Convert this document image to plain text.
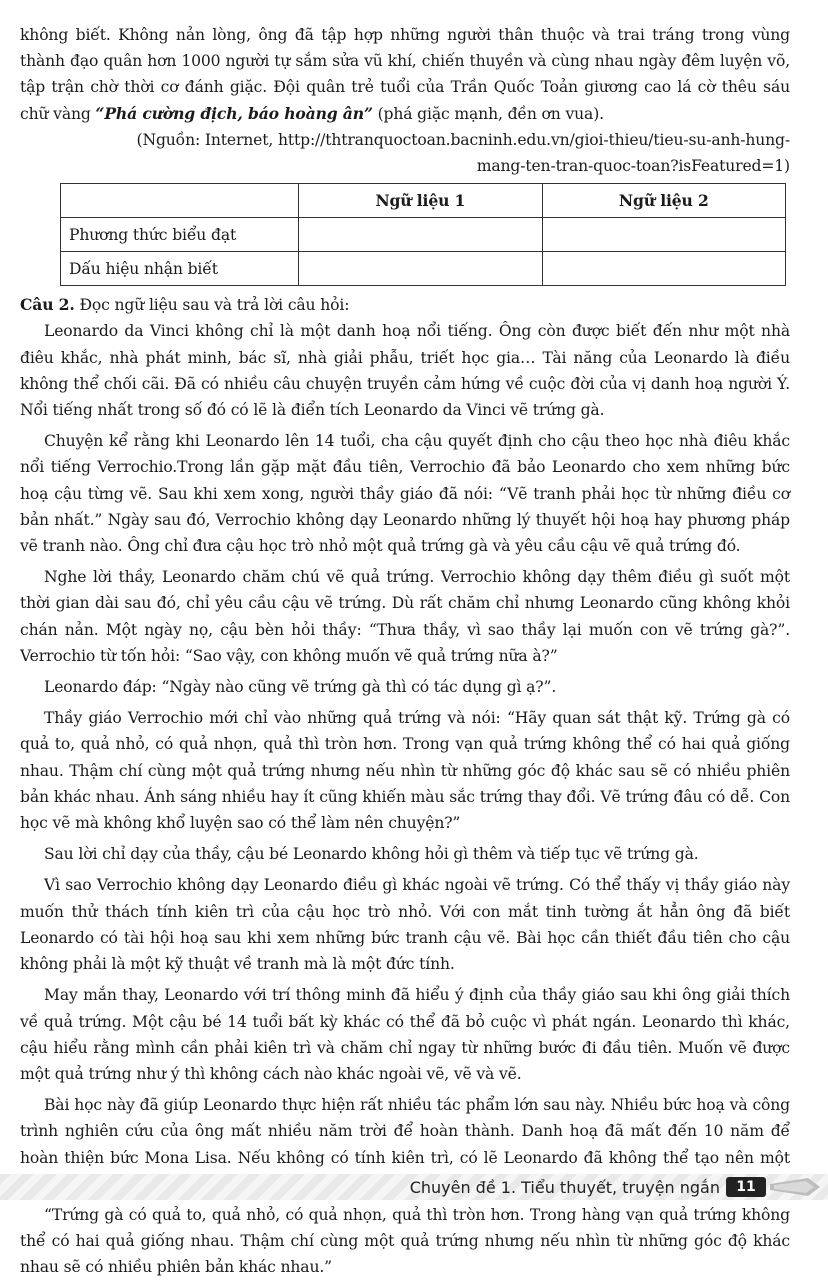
không biết. Không nản lòng, ông đã tập hợp những người thân thuộc và trai tráng trong vùng thành đạo quân hơn 1000 người tự sắm sửa vũ khí, chiến thuyền và cùng nhau ngày đêm luyện võ, tập trận chờ thời cơ đánh giặc. Đội quân trẻ tuổi của Trần Quốc Toản giương cao lá cờ thêu sáu chữ vàng “Phá cường địch, báo hoàng ân” (phá giặc mạnh, đền ơn vua).

(Nguồn: Internet, http://thtranquoctoan.bacninh.edu.vn/gioi-thieu/tieu-su-anh-hung-mang-ten-tran-quoc-toan?isFeatured=1)

	Ngữ liệu 1	Ngữ liệu 2
Phương thức biểu đạt		
Dấu hiệu nhận biết		

Câu 2. Đọc ngữ liệu sau và trả lời câu hỏi:

Leonardo da Vinci không chỉ là một danh hoạ nổi tiếng. Ông còn được biết đến như một nhà điêu khắc, nhà phát minh, bác sĩ, nhà giải phẫu, triết học gia… Tài năng của Leonardo là điều không thể chối cãi. Đã có nhiều câu chuyện truyền cảm hứng về cuộc đời của vị danh hoạ người Ý. Nổi tiếng nhất trong số đó có lẽ là điển tích Leonardo da Vinci vẽ trứng gà.

Chuyện kể rằng khi Leonardo lên 14 tuổi, cha cậu quyết định cho cậu theo học nhà điêu khắc nổi tiếng Verrochio.Trong lần gặp mặt đầu tiên, Verrochio đã bảo Leonardo cho xem những bức hoạ cậu từng vẽ. Sau khi xem xong, người thầy giáo đã nói: “Vẽ tranh phải học từ những điều cơ bản nhất.” Ngày sau đó, Verrochio không dạy Leonardo những lý thuyết hội hoạ hay phương pháp vẽ tranh nào. Ông chỉ đưa cậu học trò nhỏ một quả trứng gà và yêu cầu cậu vẽ quả trứng đó.

Nghe lời thầy, Leonardo chăm chú vẽ quả trứng. Verrochio không dạy thêm điều gì suốt một thời gian dài sau đó, chỉ yêu cầu cậu vẽ trứng. Dù rất chăm chỉ nhưng Leonardo cũng không khỏi chán nản. Một ngày nọ, cậu bèn hỏi thầy: “Thưa thầy, vì sao thầy lại muốn con vẽ trứng gà?”. Verrochio từ tốn hỏi: “Sao vậy, con không muốn vẽ quả trứng nữa à?”

Leonardo đáp: “Ngày nào cũng vẽ trứng gà thì có tác dụng gì ạ?”.

Thầy giáo Verrochio mới chỉ vào những quả trứng và nói: “Hãy quan sát thật kỹ. Trứng gà có quả to, quả nhỏ, có quả nhọn, quả thì tròn hơn. Trong vạn quả trứng không thể có hai quả giống nhau. Thậm chí cùng một quả trứng nhưng nếu nhìn từ những góc độ khác sau sẽ có nhiều phiên bản khác nhau. Ánh sáng nhiều hay ít cũng khiến màu sắc trứng thay đổi. Vẽ trứng đâu có dễ. Con học vẽ mà không khổ luyện sao có thể làm nên chuyện?”

Sau lời chỉ dạy của thầy, cậu bé Leonardo không hỏi gì thêm và tiếp tục vẽ trứng gà.

Vì sao Verrochio không dạy Leonardo điều gì khác ngoài vẽ trứng. Có thể thấy vị thầy giáo này muốn thử thách tính kiên trì của cậu học trò nhỏ. Với con mắt tinh tường ắt hẳn ông đã biết Leonardo có tài hội hoạ sau khi xem những bức tranh cậu vẽ. Bài học cần thiết đầu tiên cho cậu không phải là một kỹ thuật về tranh mà là một đức tính.

May mắn thay, Leonardo với trí thông minh đã hiểu ý định của thầy giáo sau khi ông giải thích về quả trứng. Một cậu bé 14 tuổi bất kỳ khác có thể đã bỏ cuộc vì phát ngán. Leonardo thì khác, cậu hiểu rằng mình cần phải kiên trì và chăm chỉ ngay từ những bước đi đầu tiên. Muốn vẽ được một quả trứng như ý thì không cách nào khác ngoài vẽ, vẽ và vẽ.

Bài học này đã giúp Leonardo thực hiện rất nhiều tác phẩm lớn sau này. Nhiều bức hoạ và công trình nghiên cứu của ông mất nhiều năm trời để hoàn thành. Danh hoạ đã mất đến 10 năm để hoàn thiện bức Mona Lisa. Nếu không có tính kiên trì, có lẽ Leonardo đã không thể tạo nên một

“Trứng gà có quả to, quả nhỏ, có quả nhọn, quả thì tròn hơn. Trong hàng vạn quả trứng không thể có hai quả giống nhau. Thậm chí cùng một quả trứng nhưng nếu nhìn từ những góc độ khác nhau sẽ có nhiều phiên bản khác nhau.”

Chuyên đề 1. Tiểu thuyết, truyện ngắn	11
